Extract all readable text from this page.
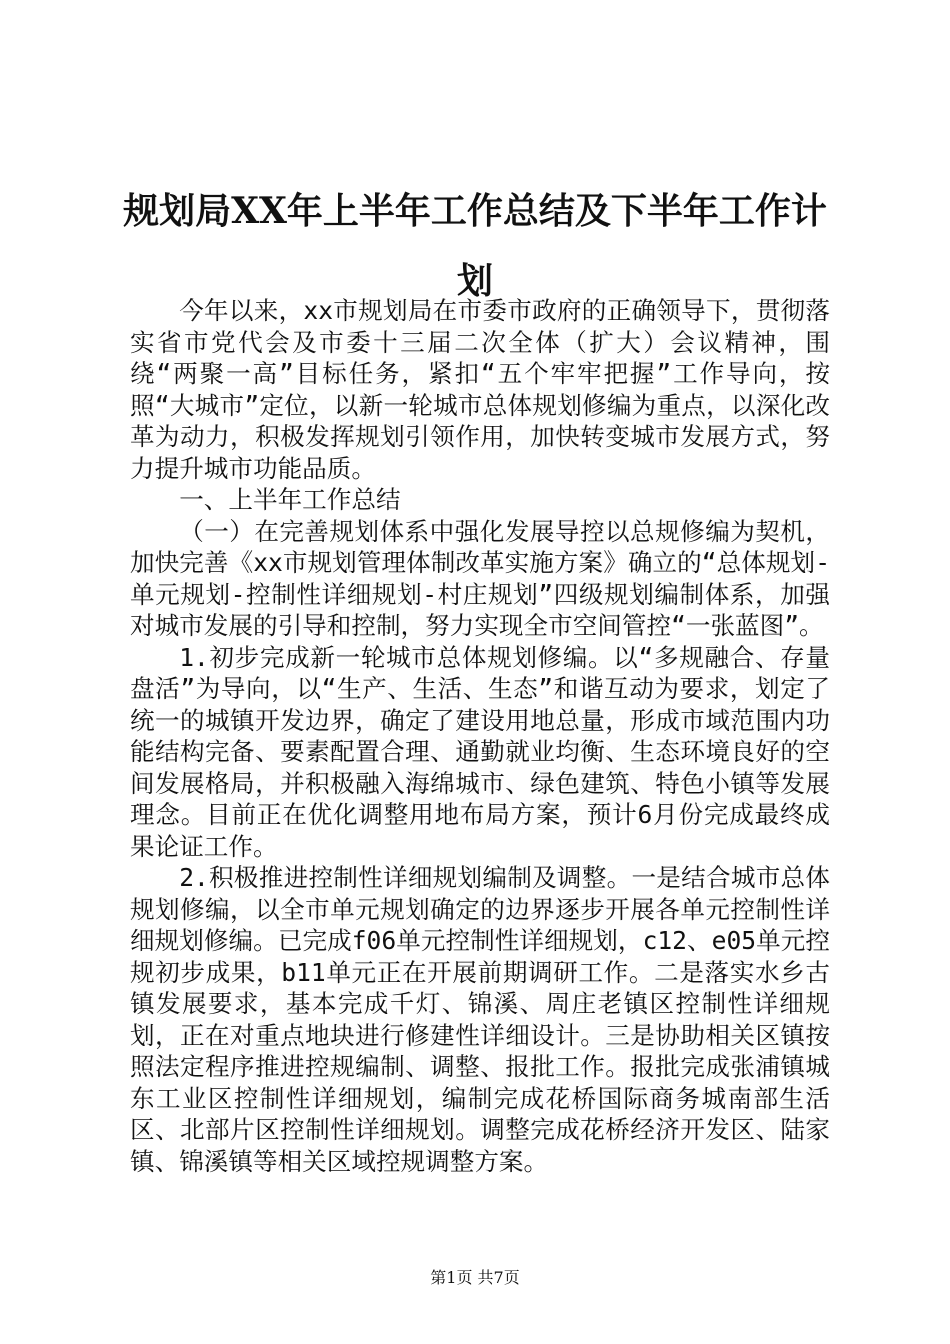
规划局XX年上半年工作总结及下半年工作计划

今年以来，xx市规划局在市委市政府的正确领导下，贯彻落实省市党代会及市委十三届二次全体（扩大）会议精神，围绕“两聚一高”目标任务，紧扣“五个牢牢把握”工作导向，按照“大城市”定位，以新一轮城市总体规划修编为重点，以深化改革为动力，积极发挥规划引领作用，加快转变城市发展方式，努力提升城市功能品质。

一、上半年工作总结

（一）在完善规划体系中强化发展导控以总规修编为契机，加快完善《xx市规划管理体制改革实施方案》确立的“总体规划-单元规划-控制性详细规划-村庄规划”四级规划编制体系，加强对城市发展的引导和控制，努力实现全市空间管控“一张蓝图”。

1.初步完成新一轮城市总体规划修编。以“多规融合、存量盘活”为导向，以“生产、生活、生态”和谐互动为要求，划定了统一的城镇开发边界，确定了建设用地总量，形成市域范围内功能结构完备、要素配置合理、通勤就业均衡、生态环境良好的空间发展格局，并积极融入海绵城市、绿色建筑、特色小镇等发展理念。目前正在优化调整用地布局方案，预计6月份完成最终成果论证工作。

2.积极推进控制性详细规划编制及调整。一是结合城市总体规划修编，以全市单元规划确定的边界逐步开展各单元控制性详细规划修编。已完成f06单元控制性详细规划，c12、e05单元控规初步成果，b11单元正在开展前期调研工作。二是落实水乡古镇发展要求，基本完成千灯、锦溪、周庄老镇区控制性详细规划，正在对重点地块进行修建性详细设计。三是协助相关区镇按照法定程序推进控规编制、调整、报批工作。报批完成张浦镇城东工业区控制性详细规划，编制完成花桥国际商务城南部生活区、北部片区控制性详细规划。调整完成花桥经济开发区、陆家镇、锦溪镇等相关区域控规调整方案。

第1页 共7页
